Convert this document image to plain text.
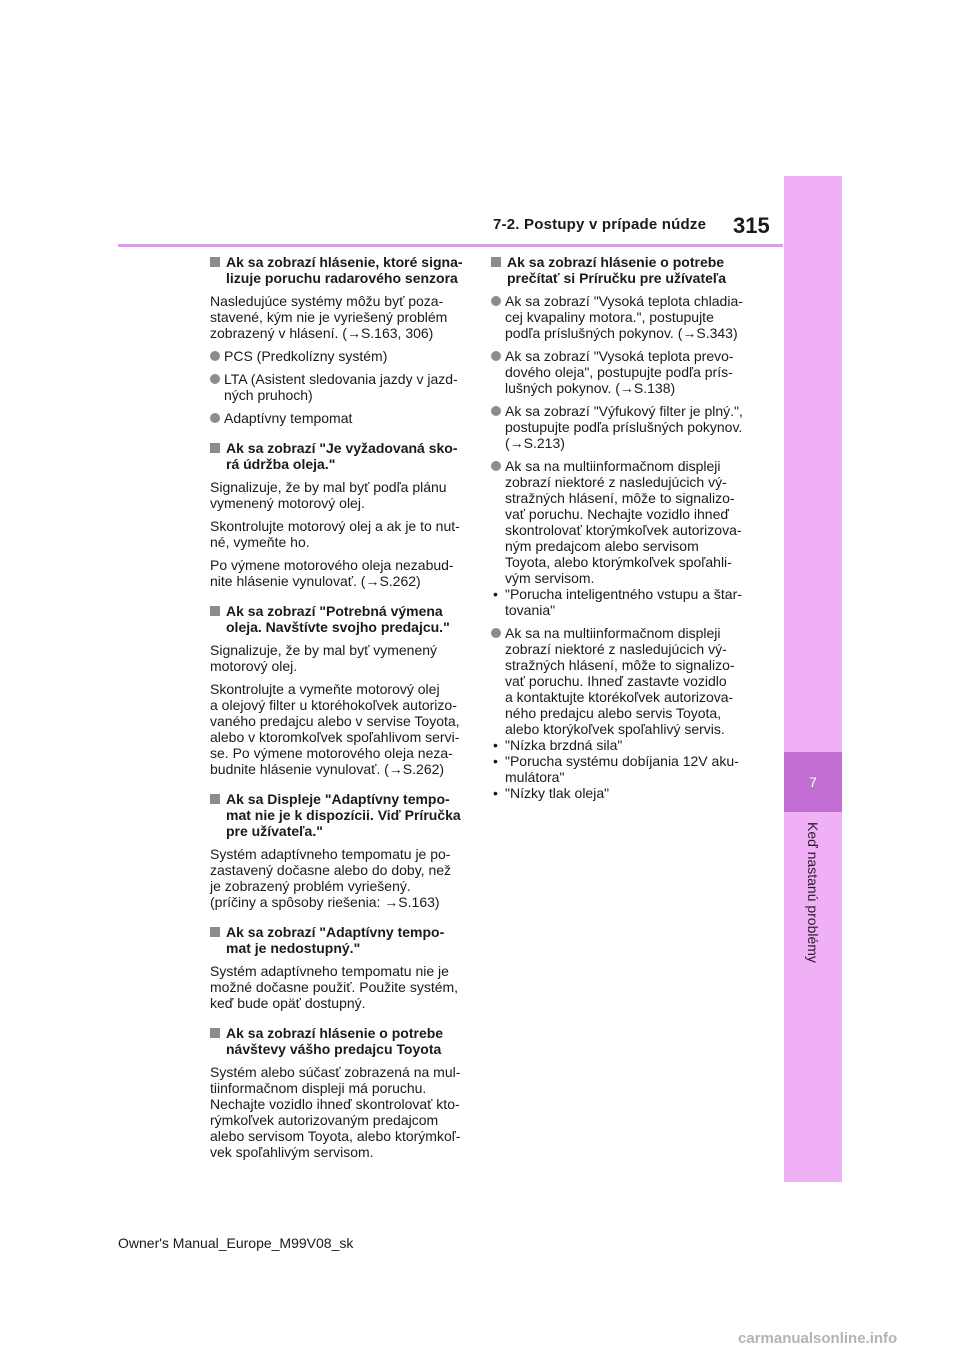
7-2. Postupy v prípade núdze 315
7
Keď nastanú problémy
Ak sa zobrazí hlásenie, ktoré signa-
lizuje poruchu radarového senzora
Nasledujúce systémy môžu byť poza-
stavené, kým nie je vyriešený problém
zobrazený v hlásení. (→S.163, 306)
PCS (Predkolízny systém)
LTA (Asistent sledovania jazdy v jazd-
ných pruhoch)
Adaptívny tempomat
Ak sa zobrazí "Je vyžadovaná sko-
rá údržba oleja."
Signalizuje, že by mal byť podľa plánu
vymenený motorový olej.
Skontrolujte motorový olej a ak je to nut-
né, vymeňte ho.
Po výmene motorového oleja nezabud-
nite hlásenie vynulovať. (→S.262)
Ak sa zobrazí "Potrebná výmena
oleja. Navštívte svojho predajcu."
Signalizuje, že by mal byť vymenený
motorový olej.
Skontrolujte a vymeňte motorový olej
a olejový filter u ktoréhokoľvek autorizo-
vaného predajcu alebo v servise Toyota,
alebo v ktoromkoľvek spoľahlivom servi-
se. Po výmene motorového oleja neza-
budnite hlásenie vynulovať. (→S.262)
Ak sa Displeje "Adaptívny tempo-
mat nie je k dispozícii. Viď Príručka
pre užívateľa."
Systém adaptívneho tempomatu je po-
zastavený dočasne alebo do doby, než
je zobrazený problém vyriešený.
(príčiny a spôsoby riešenia: →S.163)
Ak sa zobrazí "Adaptívny tempo-
mat je nedostupný."
Systém adaptívneho tempomatu nie je
možné dočasne použiť. Použite systém,
keď bude opäť dostupný.
Ak sa zobrazí hlásenie o potrebe
návštevy vášho predajcu Toyota
Systém alebo súčasť zobrazená na mul-
tiinformačnom displeji má poruchu.
Nechajte vozidlo ihneď skontrolovať kto-
rýmkoľvek autorizovaným predajcom
alebo servisom Toyota, alebo ktorýmkoľ-
vek spoľahlivým servisom.
Ak sa zobrazí hlásenie o potrebe
prečítať si Príručku pre užívateľa
Ak sa zobrazí "Vysoká teplota chladia-
cej kvapaliny motora.", postupujte
podľa príslušných pokynov. (→S.343)
Ak sa zobrazí "Vysoká teplota prevo-
dového oleja", postupujte podľa prís-
lušných pokynov. (→S.138)
Ak sa zobrazí "Výfukový filter je plný.",
postupujte podľa príslušných pokynov.
(→S.213)
Ak sa na multiinformačnom displeji
zobrazí niektoré z nasledujúcich vý-
stražných hlásení, môže to signalizo-
vať poruchu. Nechajte vozidlo ihneď
skontrolovať ktorýmkoľvek autorizova-
ným predajcom alebo servisom
Toyota, alebo ktorýmkoľvek spoľahli-
vým servisom.
• "Porucha inteligentného vstupu a štar-
tovania"
Ak sa na multiinformačnom displeji
zobrazí niektoré z nasledujúcich vý-
stražných hlásení, môže to signalizo-
vať poruchu. Ihneď zastavte vozidlo
a kontaktujte ktorékoľvek autorizova-
ného predajcu alebo servis Toyota,
alebo ktorýkoľvek spoľahlivý servis.
• "Nízka brzdná sila"
• "Porucha systému dobíjania 12V aku-
mulátora"
• "Nízky tlak oleja"
Owner's Manual_Europe_M99V08_sk
carmanualsonline.info
